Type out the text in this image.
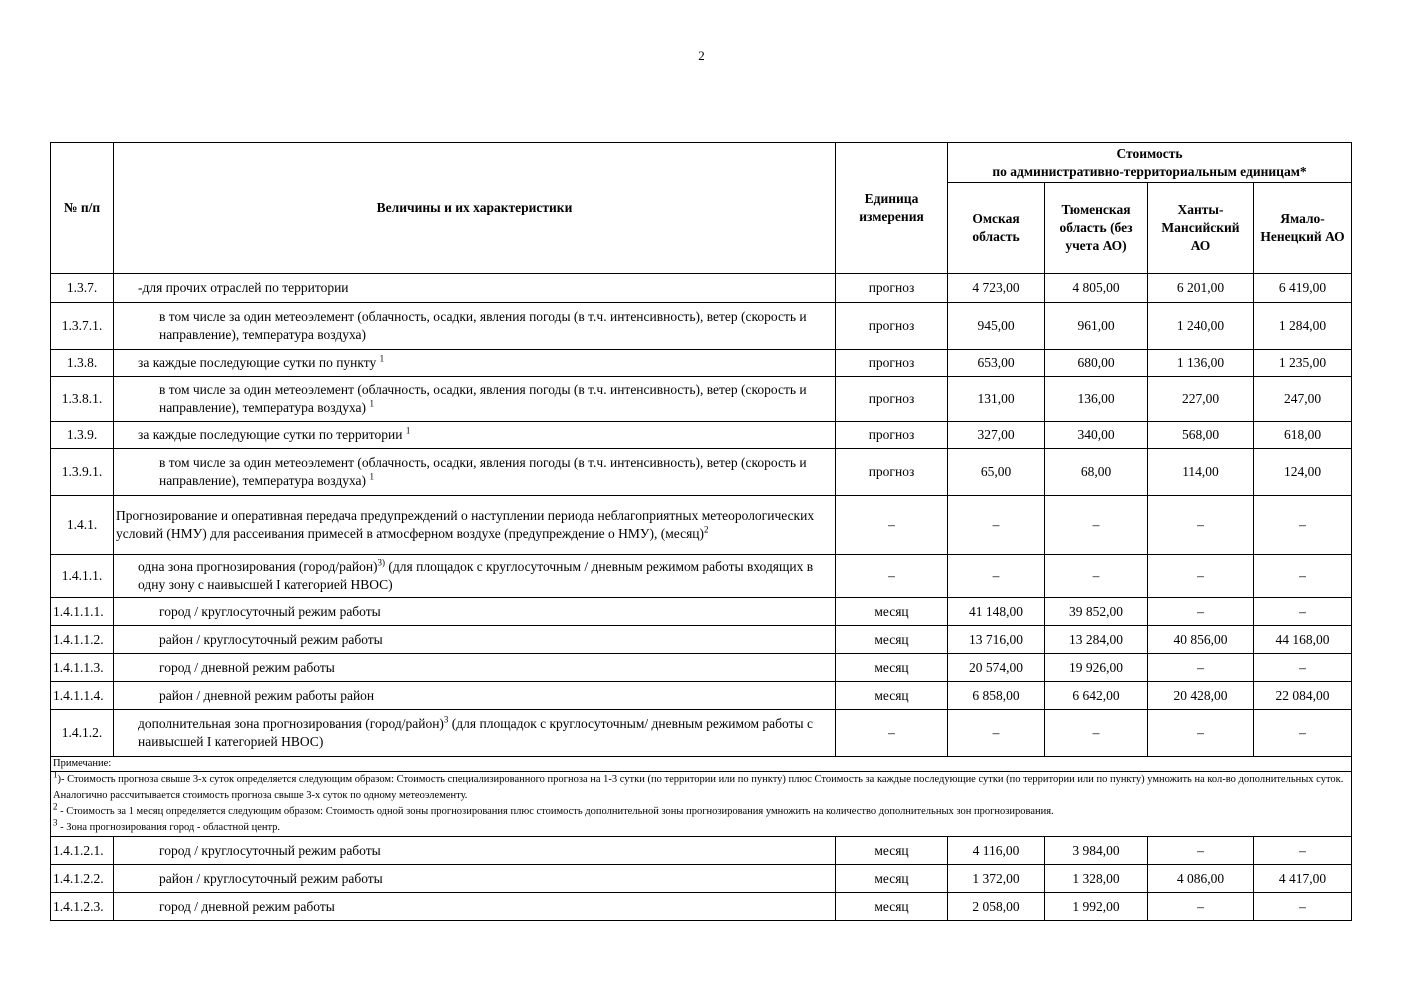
2
№ п/п	Величины и их характеристики	Единица измерения	Стоимость
по административно-территориальным единицам*			

			Омская область	Тюменская область (без учета АО)	Ханты-Мансийский АО	Ямало-Ненецкий АО
1.3.7.	-для прочих отраслей по территории	прогноз	4 723,00	4 805,00	6 201,00	6 419,00
1.3.7.1.	в том числе за один метеоэлемент (облачность, осадки, явления погоды (в т.ч. интенсивность), ветер (скорость и направление), температура воздуха)	прогноз	945,00	961,00	1 240,00	1 284,00
1.3.8.	за каждые последующие сутки по пункту $^1$	прогноз	653,00	680,00	1 136,00	1 235,00
1.3.8.1.	в том числе за один метеоэлемент (облачность, осадки, явления погоды (в т.ч. интенсивность), ветер (скорость и направление), температура воздуха) $^1$	прогноз	131,00	136,00	227,00	247,00
1.3.9.	за каждые последующие сутки по территории $^1$	прогноз	327,00	340,00	568,00	618,00
1.3.9.1.	в том числе за один метеоэлемент (облачность, осадки, явления погоды (в т.ч. интенсивность), ветер (скорость и направление), температура воздуха) $^1$	прогноз	65,00	68,00	114,00	124,00
1.4.1.	Прогнозирование и оперативная передача предупреждений о наступлении периода неблагоприятных метеорологических условий (НМУ) для рассеивания примесей в атмосферном воздухе (предупреждение о НМУ), (месяц)$^2$	–	–	–	–	–
1.4.1.1.	одна зона прогнозирования (город/район)$^{3)}$ (для площадок с круглосуточным / дневным режимом работы входящих в одну зону с наивысшей I категорией НВОС)	–	–	–	–	–
1.4.1.1.1.	город / круглосуточный режим работы	месяц	41 148,00	39 852,00	–	–
1.4.1.1.2.	район / круглосуточный режим работы	месяц	13 716,00	13 284,00	40 856,00	44 168,00
1.4.1.1.3.	город / дневной режим работы	месяц	20 574,00	19 926,00	–	–
1.4.1.1.4.	район / дневной режим работы район	месяц	6 858,00	6 642,00	20 428,00	22 084,00
1.4.1.2.	дополнительная зона прогнозирования (город/район)$^3$ (для площадок с круглосуточным/ дневным режимом работы с наивысшей I категорией НВОС)	–	–	–	–	–

Примечание:
$^1$)- Стоимость прогноза свыше 3-х суток определяется следующим образом: Стоимость специализированного прогноза на 1-3 сутки (по территории или по пункту) плюс Стоимость за каждые последующие сутки (по территории или по пункту) умножить на кол-во дополнительных суток. Аналогично рассчитывается стоимость прогноза свыше 3-х суток по одному метеоэлементу.
$^2$ - Стоимость за 1 месяц определяется следующим образом: Стоимость одной зоны прогнозирования плюс стоимость дополнительной зоны прогнозирования умножить на количество дополнительных зон прогнозирования.
$^3$ - Зона прогнозирования город - областной центр.						

1.4.1.2.1.	город / круглосуточный режим работы	месяц	4 116,00	3 984,00	–	–
1.4.1.2.2.	район / круглосуточный режим работы	месяц	1 372,00	1 328,00	4 086,00	4 417,00
1.4.1.2.3.	город / дневной режим работы	месяц	2 058,00	1 992,00	–	–
